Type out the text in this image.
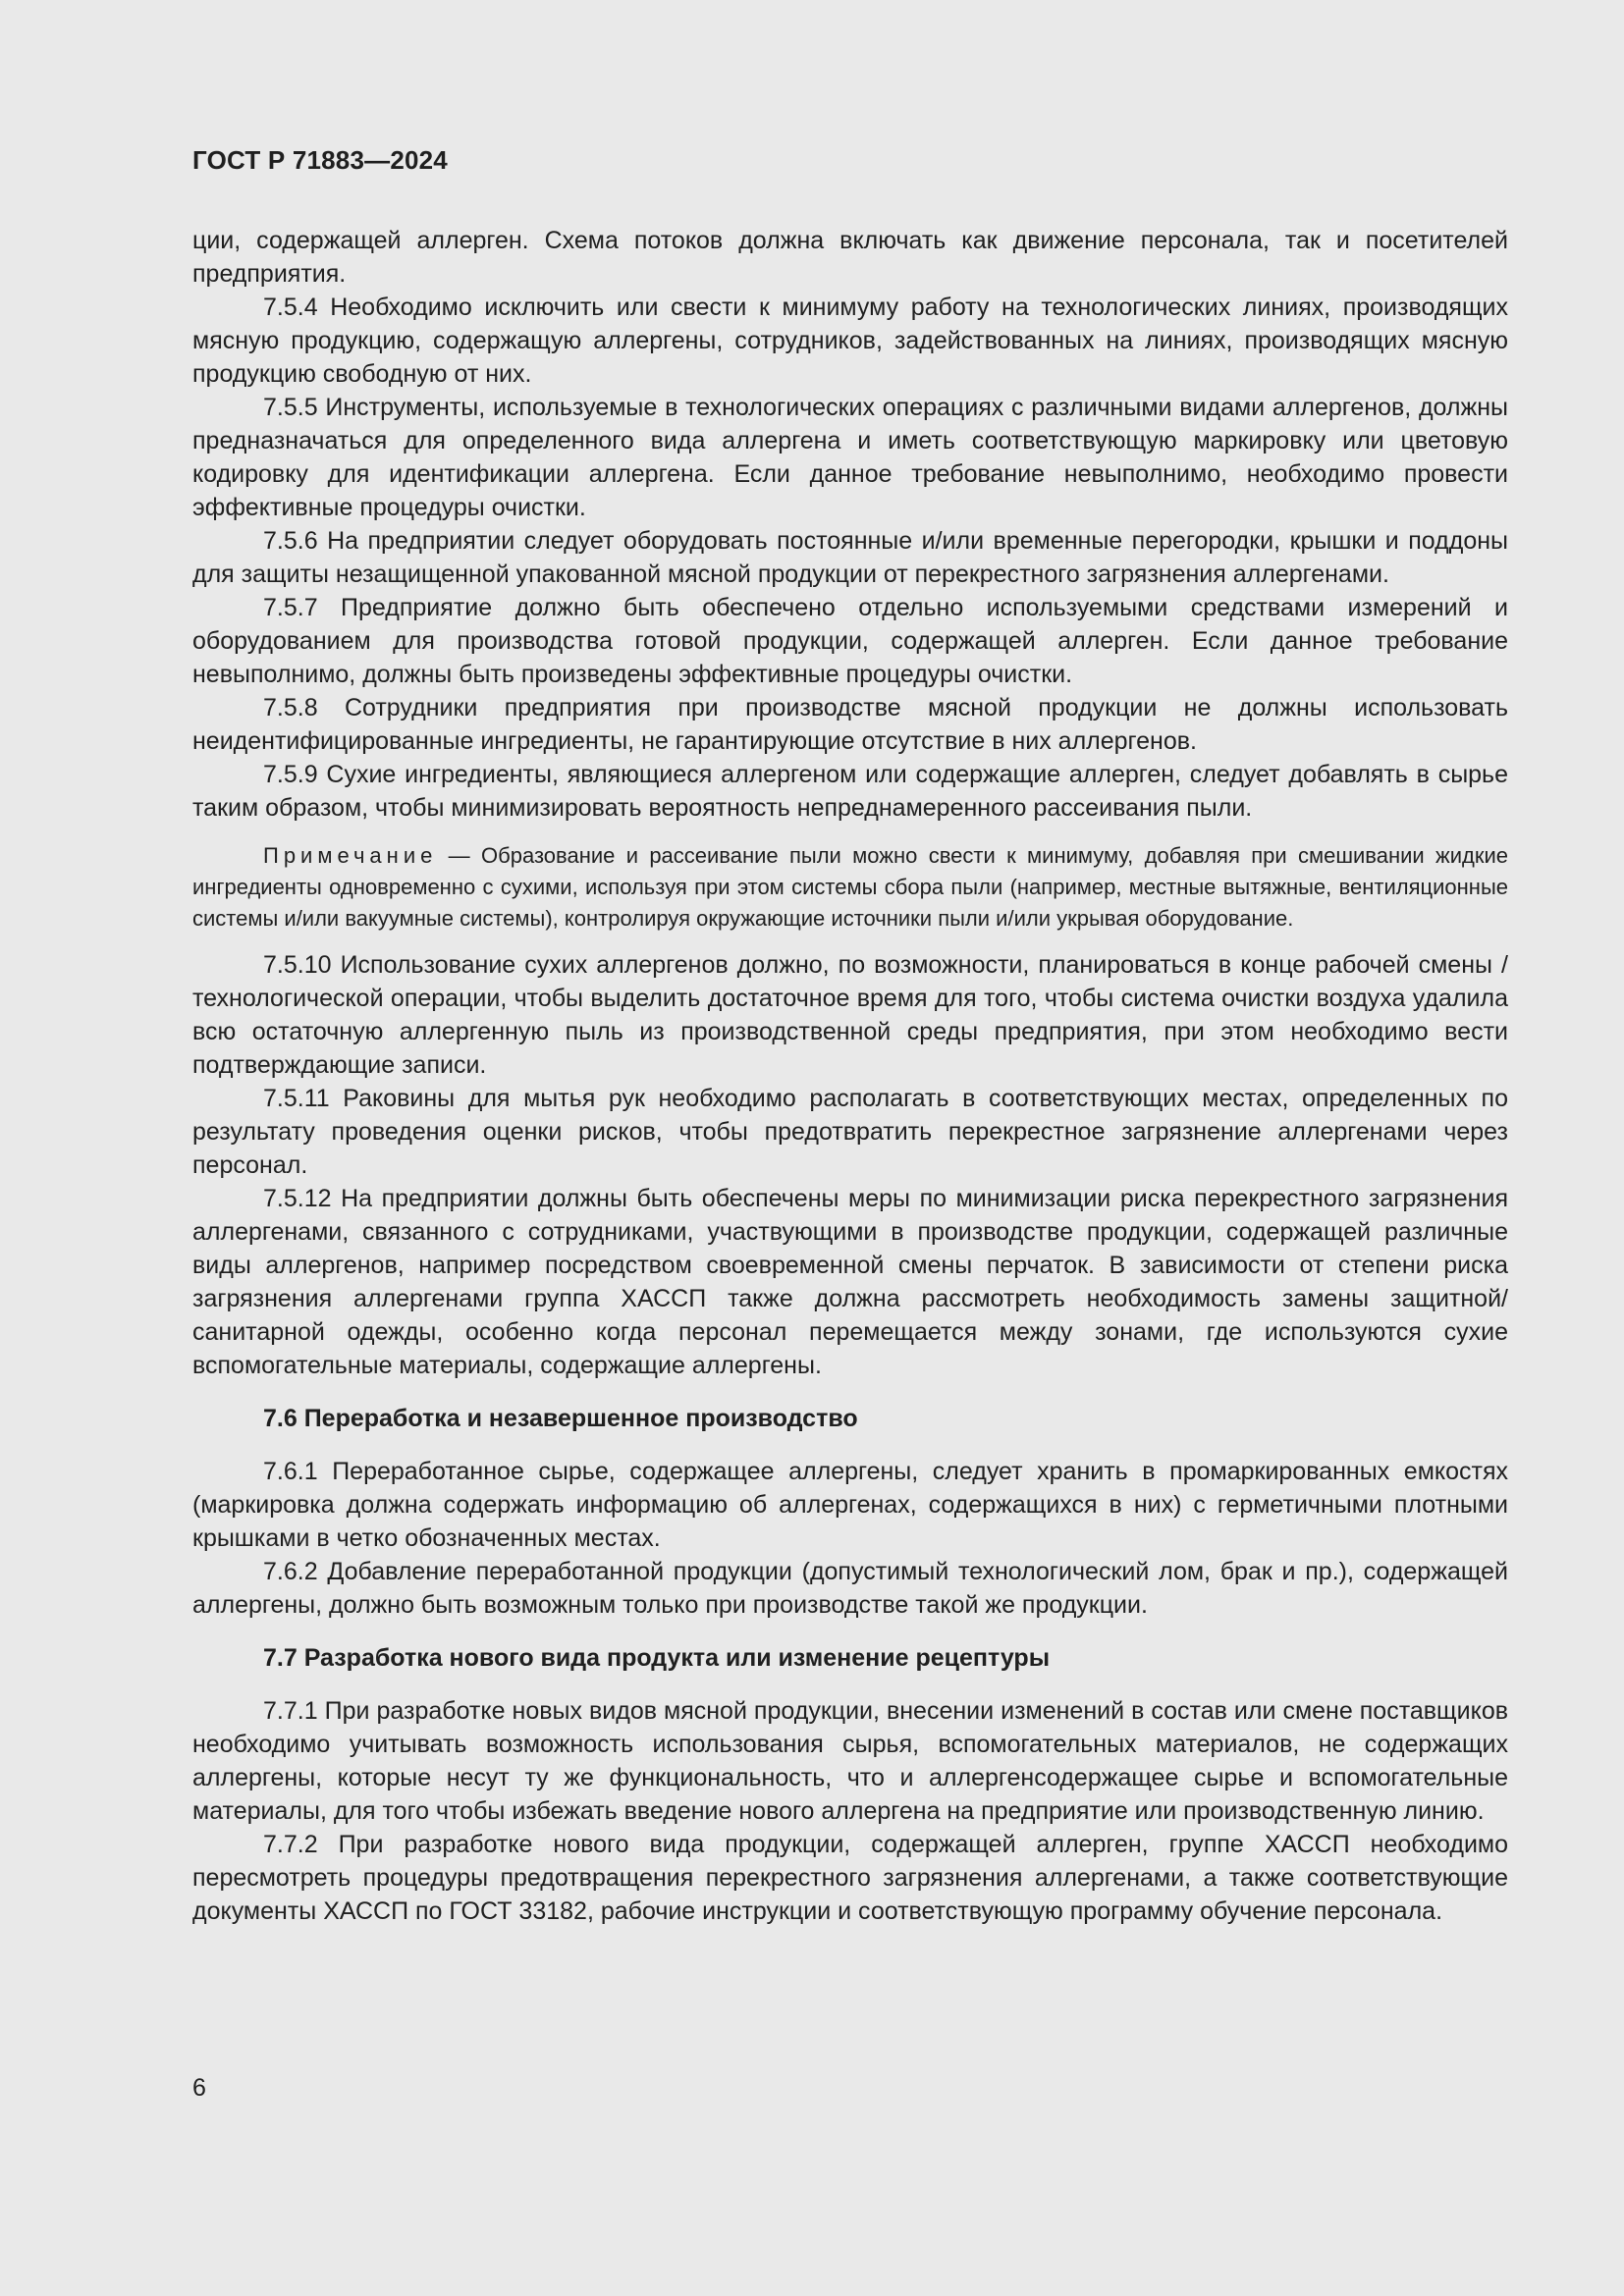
ГОСТ Р 71883—2024

ции, содержащей аллерген. Схема потоков должна включать как движение персонала, так и посетителей предприятия.

7.5.4 Необходимо исключить или свести к минимуму работу на технологических линиях, производящих мясную продукцию, содержащую аллергены, сотрудников, задействованных на линиях, производящих мясную продукцию свободную от них.

7.5.5 Инструменты, используемые в технологических операциях с различными видами аллергенов, должны предназначаться для определенного вида аллергена и иметь соответствующую маркировку или цветовую кодировку для идентификации аллергена. Если данное требование невыполнимо, необходимо провести эффективные процедуры очистки.

7.5.6 На предприятии следует оборудовать постоянные и/или временные перегородки, крышки и поддоны для защиты незащищенной упакованной мясной продукции от перекрестного загрязнения аллергенами.

7.5.7 Предприятие должно быть обеспечено отдельно используемыми средствами измерений и оборудованием для производства готовой продукции, содержащей аллерген. Если данное требование невыполнимо, должны быть произведены эффективные процедуры очистки.

7.5.8 Сотрудники предприятия при производстве мясной продукции не должны использовать неидентифицированные ингредиенты, не гарантирующие отсутствие в них аллергенов.

7.5.9 Сухие ингредиенты, являющиеся аллергеном или содержащие аллерген, следует добавлять в сырье таким образом, чтобы минимизировать вероятность непреднамеренного рассеивания пыли.

Примечание — Образование и рассеивание пыли можно свести к минимуму, добавляя при смешивании жидкие ингредиенты одновременно с сухими, используя при этом системы сбора пыли (например, местные вытяжные, вентиляционные системы и/или вакуумные системы), контролируя окружающие источники пыли и/или укрывая оборудование.

7.5.10 Использование сухих аллергенов должно, по возможности, планироваться в конце рабочей смены / технологической операции, чтобы выделить достаточное время для того, чтобы система очистки воздуха удалила всю остаточную аллергенную пыль из производственной среды предприятия, при этом необходимо вести подтверждающие записи.

7.5.11 Раковины для мытья рук необходимо располагать в соответствующих местах, определенных по результату проведения оценки рисков, чтобы предотвратить перекрестное загрязнение аллергенами через персонал.

7.5.12 На предприятии должны быть обеспечены меры по минимизации риска перекрестного загрязнения аллергенами, связанного с сотрудниками, участвующими в производстве продукции, содержащей различные виды аллергенов, например посредством своевременной смены перчаток. В зависимости от степени риска загрязнения аллергенами группа ХАССП также должна рассмотреть необходимость замены защитной/санитарной одежды, особенно когда персонал перемещается между зонами, где используются сухие вспомогательные материалы, содержащие аллергены.

7.6 Переработка и незавершенное производство

7.6.1 Переработанное сырье, содержащее аллергены, следует хранить в промаркированных емкостях (маркировка должна содержать информацию об аллергенах, содержащихся в них) с герметичными плотными крышками в четко обозначенных местах.

7.6.2 Добавление переработанной продукции (допустимый технологический лом, брак и пр.), содержащей аллергены, должно быть возможным только при производстве такой же продукции.

7.7 Разработка нового вида продукта или изменение рецептуры

7.7.1 При разработке новых видов мясной продукции, внесении изменений в состав или смене поставщиков необходимо учитывать возможность использования сырья, вспомогательных материалов, не содержащих аллергены, которые несут ту же функциональность, что и аллергенсодержащее сырье и вспомогательные материалы, для того чтобы избежать введение нового аллергена на предприятие или производственную линию.

7.7.2 При разработке нового вида продукции, содержащей аллерген, группе ХАССП необходимо пересмотреть процедуры предотвращения перекрестного загрязнения аллергенами, а также соответствующие документы ХАССП по ГОСТ 33182, рабочие инструкции и соответствующую программу обучение персонала.

6
